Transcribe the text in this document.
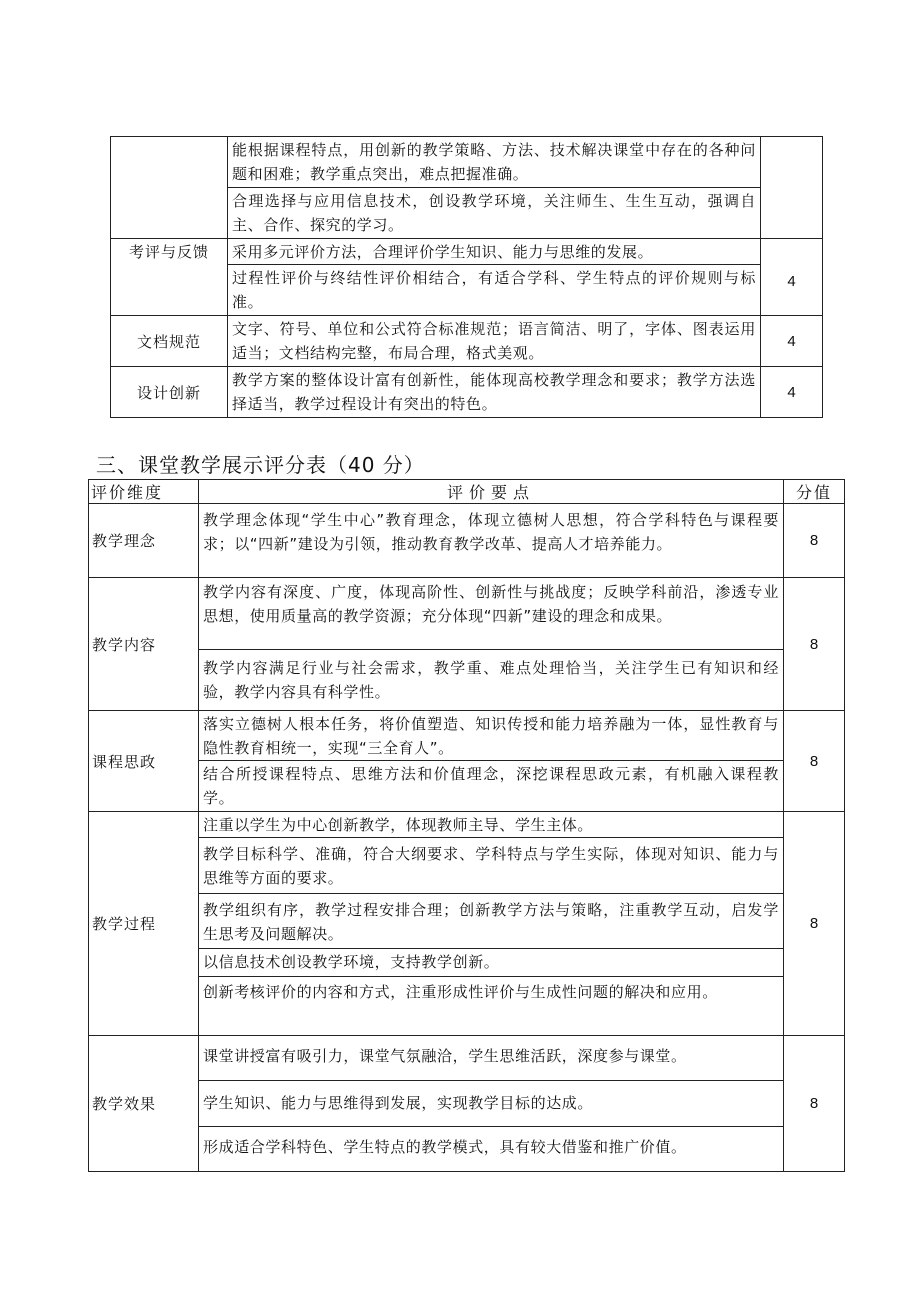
	能根据课程特点，用创新的教学策略、方法、技术解决课堂中存在的各种问题和困难；教学重点突出，难点把握准确。
合理选择与应用信息技术，创设教学环境，关注师生、生生互动，强调自主、合作、探究的学习。	

考评与反馈	采用多元评价方法，合理评价学生知识、能力与思维的发展。
过程性评价与终结性评价相结合，有适合学科、学生特点的评价规则与标准。	4
文档规范	文字、符号、单位和公式符合标准规范；语言简洁、明了，字体、图表运用适当；文档结构完整，布局合理，格式美观。	4
设计创新	教学方案的整体设计富有创新性，能体现高校教学理念和要求；教学方法选择适当，教学过程设计有突出的特色。	4
三、课堂教学展示评分表（40 分）
评价维度	评价要点	分值
教学理念	教学理念体现“学生中心”教育理念，体现立德树人思想，符合学科特色与课程要求；以“四新”建设为引领，推动教育教学改革、提高人才培养能力。	8
教学内容	教学内容有深度、广度，体现高阶性、创新性与挑战度；反映学科前沿，渗透专业思想，使用质量高的教学资源；充分体现“四新”建设的理念和成果。
教学内容满足行业与社会需求，教学重、难点处理恰当，关注学生已有知识和经验，教学内容具有科学性。	8
课程思政	落实立德树人根本任务，将价值塑造、知识传授和能力培养融为一体，显性教育与隐性教育相统一，实现“三全育人”。
结合所授课程特点、思维方法和价值理念，深挖课程思政元素，有机融入课程教学。	8
教学过程	注重以学生为中心创新教学，体现教师主导、学生主体。
教学目标科学、准确，符合大纲要求、学科特点与学生实际，体现对知识、能力与思维等方面的要求。
教学组织有序，教学过程安排合理；创新教学方法与策略，注重教学互动，启发学生思考及问题解决。
以信息技术创设教学环境，支持教学创新。
创新考核评价的内容和方式，注重形成性评价与生成性问题的解决和应用。	8
教学效果	课堂讲授富有吸引力，课堂气氛融洽，学生思维活跃，深度参与课堂。
学生知识、能力与思维得到发展，实现教学目标的达成。
形成适合学科特色、学生特点的教学模式，具有较大借鉴和推广价值。	8
